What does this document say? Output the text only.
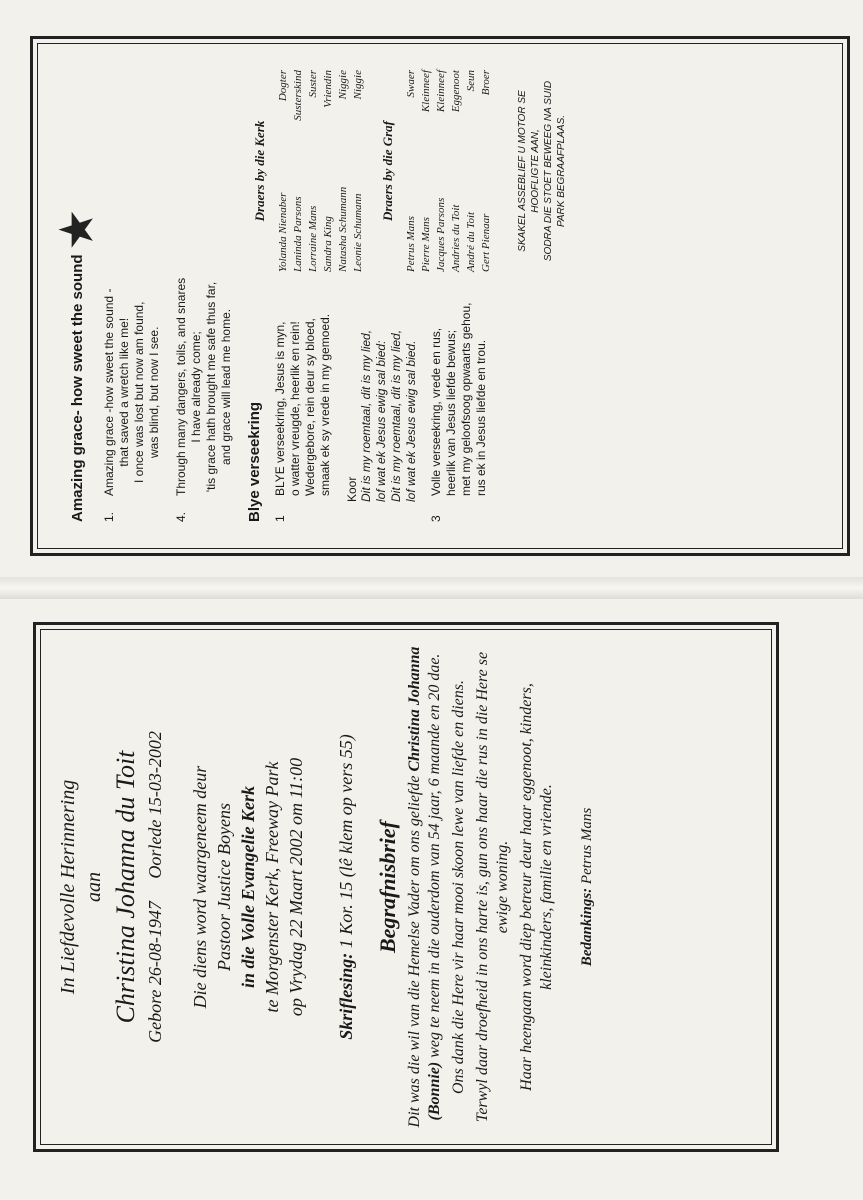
Amazing grace- how sweet the sound
★
1.
Amazing grace -how sweet the sound - that saved a wretch like me! I once was lost but now am found, was blind, but now I see.
4.
Through many dangers, toils, and snares I have already come; 'tis grace hath brought me safe thus far, and grace will lead me home. Blye verseekring 1
BLYE verseekring, Jesus is myn, o watter vreugde, heerlik en rein! Wedergebore, rein deur sy bloed, smaak ek sy vrede in my gemoed. Koor Dit is my roemtaal, dit is my lied, lof wat ek Jesus ewig sal bied: Dit is my roemtaal, dit is my lied, lof wat ek Jesus ewig sal bied.
3
Volle verseekring, vrede en rus, heerlik van Jesus liefde bewus; met my geloofsoog opwaarts gehou, rus ek in Jesus liefde en trou.
Draers by die Kerk
Yolanda Nienaber
Dogter
Laninda Parsons
Susterskind
Lorraine Mans
Suster
Sandra King
Vriendin
Natasha Schumann
Niggie
Leonie Schumann
Niggie
Draers by die Graf
Petrus Mans
Swaer
Pierre Mans
Kleinneef
Jacques Parsons
Kleinneef
Andries du Toit
Eggenoot
André du Toit
Seun
Gert Pienaar
Broer
SKAKEL ASSEBLIEF U MOTOR SE HOOFLIGTE AAN, SODRA DIE STOET BEWEEG NA SUID PARK BEGRAAFPLAAS.
In Liefdevolle Herinnering aan Christina Johanna du Toit Gebore 26-08-1947     Oorlede 15-03-2002 Die diens word waargeneem deur Pastoor Justice Boyens in die Volle Evangelie Kerk te Morgenster Kerk, Freeway Park op Vrydag 22 Maart 2002 om 11:00 Skriflesing: 1 Kor. 15 (lê klem op vers 55) Begrafnisbrief Dit was die wil van die Hemelse Vader om ons geliefde Christina Johanna (Bonnie) weg te neem in die ouderdom van 54 jaar, 6 maande en 20 dae. Ons dank die Here vir haar mooi skoon lewe van liefde en diens. Terwyl daar droefheid in ons harte is, gun ons haar die rus in die Here se ewige woning. Haar heengaan word diep betreur deur haar eggenoot, kinders, kleinkinders, familie en vriende. Bedankings: Petrus Mans
